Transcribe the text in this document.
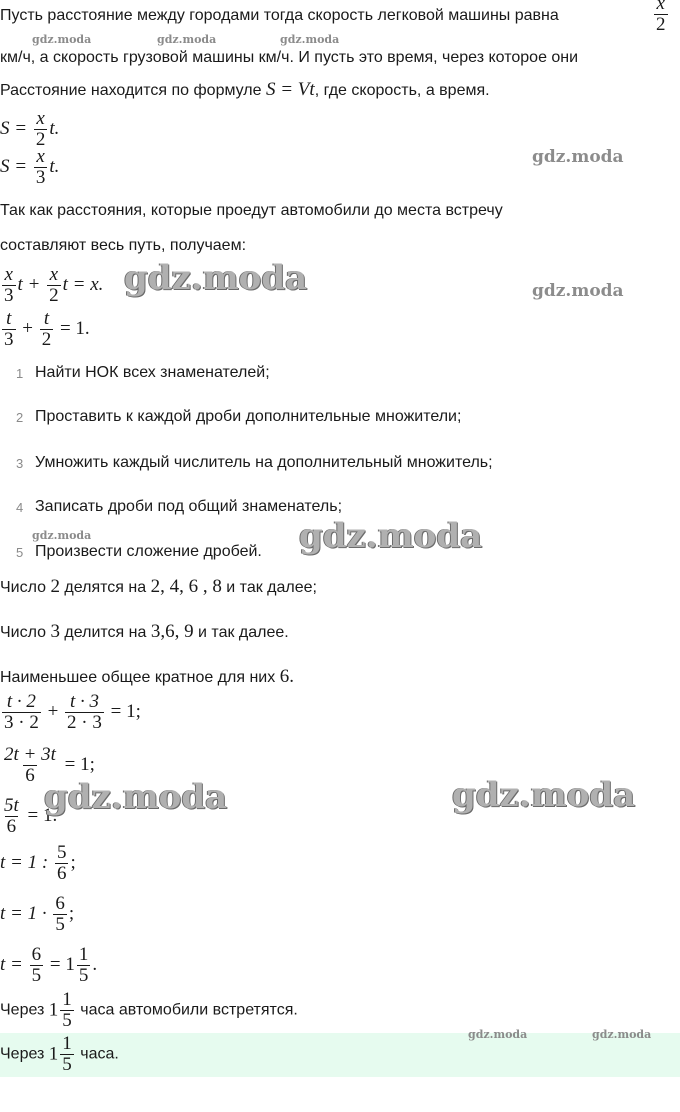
Пусть расстояние между городами тогда скорость легковой машины равна	$\frac{x}{2}$
км/ч, а скорость грузовой машины км/ч. И пусть это время, через которое они
Расстояние находится по формуле S = Vt, где скорость, а время.
$S = \frac{x}{2} t$.
$S = \frac{x}{3} t$.
Так как расстояния, которые проедут автомобили до места встречу
составляют весь путь, получаем:
$\frac{x}{3}$ $t + \frac{x}{2}$ t = x.
$\frac{t}{3} + \frac{t}{2} = 1$.
1 Найти НОК всех знаменателей;
2 Проставить к каждой дроби дополнительные множители;
3 Умножить каждый числитель на дополнительный множитель;
4 Записать дроби под общий знаменатель;
5 Произвести сложение дробей.
Число 2 делятся на 2, 4, 6 , 8 и так далее;
Число 3 делится на 3,6, 9 и так далее.
Наименьшее общее кратное для них 6.
$\frac{t \cdot 2}{3 \cdot 2} + \frac{t \cdot 3}{2 \cdot 3} = 1$;
$\frac{2t + 3t}{6} = 1$;
$\frac{5t}{6} = 1$.
t = 1 : $\frac{5}{6}$ ;
$t = 1 \cdot \frac{6}{5}$ ;
$t = \frac{6}{5} = 1 \frac{1}{5}$ .
Через $1 \frac{1}{5}$ часа автомобили встретятся.
Через $1 \frac{1}{5}$ часа.
gdz.moda	gdz.moda	gdz.moda
gdz.moda
gdz.moda	gdz.moda
gdz.moda	gdz.moda
gdz.moda	gdz.moda
gdz.moda	gdz.moda
